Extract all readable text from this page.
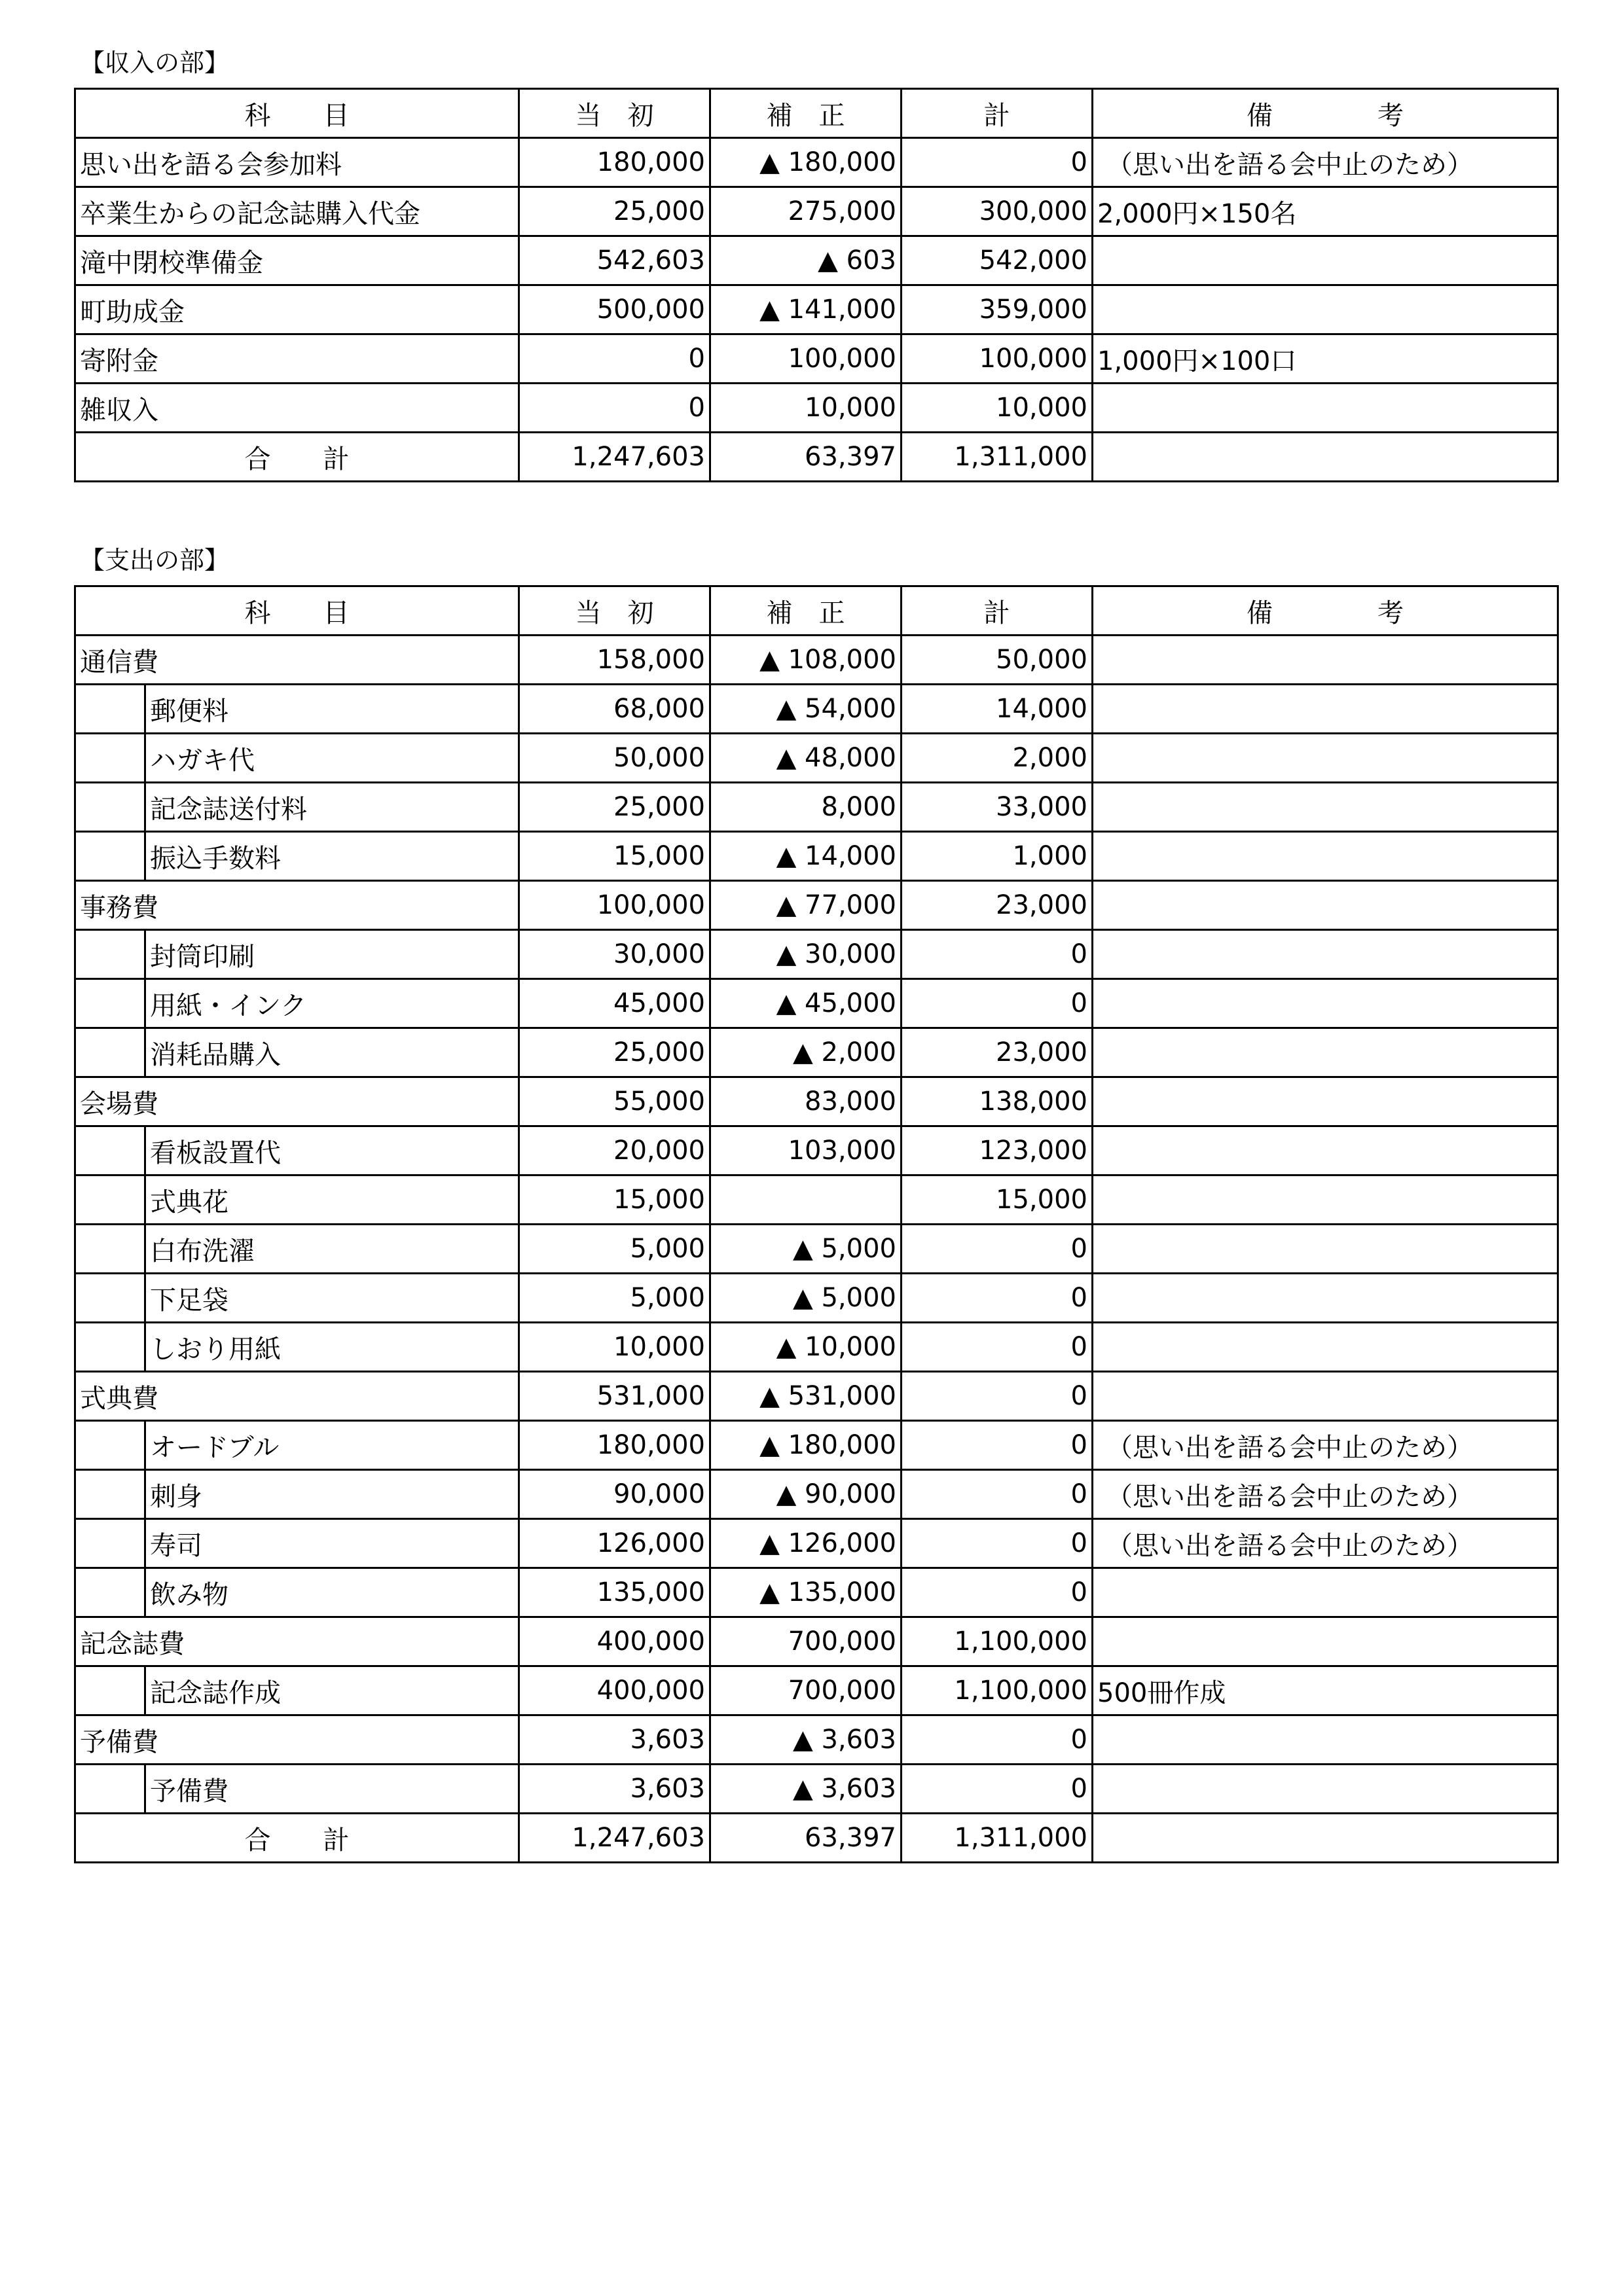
【収入の部】
科　　目	当　初	補　正	計	備　　　　考
思い出を語る会参加料	180,000	▲ 180,000	0	（思い出を語る会中止のため）
卒業生からの記念誌購入代金	25,000	275,000	300,000	2,000円×150名
滝中閉校準備金	542,603	▲ 603	542,000	
町助成金	500,000	▲ 141,000	359,000	
寄附金	0	100,000	100,000	1,000円×100口
雑収入	0	10,000	10,000	
合　　計	1,247,603	63,397	1,311,000	
【支出の部】
科　　目		当　初	補　正	計	備　　　　考
通信費		158,000	▲ 108,000	50,000	
	郵便料	68,000	▲ 54,000	14,000	
	ハガキ代	50,000	▲ 48,000	2,000	
	記念誌送付料	25,000	8,000	33,000	
	振込手数料	15,000	▲ 14,000	1,000	
事務費		100,000	▲ 77,000	23,000	
	封筒印刷	30,000	▲ 30,000	0	
	用紙・インク	45,000	▲ 45,000	0	
	消耗品購入	25,000	▲ 2,000	23,000	
会場費		55,000	83,000	138,000	
	看板設置代	20,000	103,000	123,000	
	式典花	15,000		15,000	
	白布洗濯	5,000	▲ 5,000	0	
	下足袋	5,000	▲ 5,000	0	
	しおり用紙	10,000	▲ 10,000	0	
式典費		531,000	▲ 531,000	0	
	オードブル	180,000	▲ 180,000	0	（思い出を語る会中止のため）
	刺身	90,000	▲ 90,000	0	（思い出を語る会中止のため）
	寿司	126,000	▲ 126,000	0	（思い出を語る会中止のため）
	飲み物	135,000	▲ 135,000	0	
記念誌費		400,000	700,000	1,100,000	
	記念誌作成	400,000	700,000	1,100,000	500冊作成
予備費		3,603	▲ 3,603	0	
	予備費	3,603	▲ 3,603	0	
合　　計		1,247,603	63,397	1,311,000	
